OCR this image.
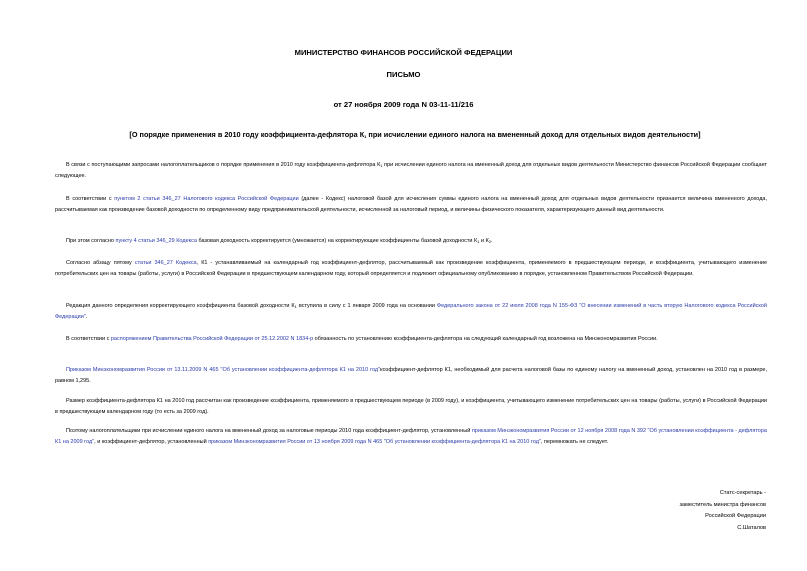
МИНИСТЕРСТВО ФИНАНСОВ РОССИЙСКОЙ ФЕДЕРАЦИИ
ПИСЬМО
от 27 ноября 2009 года N 03-11-11/216
[О порядке применения в 2010 году коэффициента-дефлятора $К_1$ при исчислении единого налога на вмененный доход для отдельных видов деятельности]

В связи с поступающими запросами налогоплательщиков о порядке применения в 2010 году коэффициента-дефлятора $К_1$ при исчислении единого налога на вмененный доход для отдельных видов деятельности Министерство финансов Российской Федерации сообщает следующее.

В соответствии с пунктом 2 статьи 346_27 Налогового кодекса Российской Федерации (далее - Кодекс) налоговой базой для исчисления суммы единого налога на вмененный доход для отдельных видов деятельности признается величина вмененного дохода, рассчитываемая как произведение базовой доходности по определенному виду предпринимательской деятельности, исчисленной за налоговый период, и величины физического показателя, характеризующего данный вид деятельности.

При этом согласно пункту 4 статьи 346_29 Кодекса базовая доходность корректируется (умножается) на корректирующие коэффициенты базовой доходности $К_1$ и $К_2$.

Согласно абзацу пятому статьи 346_27 Кодекса, К1 - устанавливаемый на календарный год коэффициент-дефлятор, рассчитываемый как произведение коэффициента, применяемого в предшествующем периоде, и коэффициента, учитывающего изменение потребительских цен на товары (работы, услуги) в Российской Федерации в предшествующем календарном году, который определяется и подлежит официальному опубликованию в порядке, установленном Правительством Российской Федерации.

Редакция данного определения корректирующего коэффициента базовой доходности $К_1$ вступила в силу с 1 января 2009 года на основании Федерального закона от 22 июля 2008 года N 155-ФЗ "О внесении изменений в часть вторую Налогового кодекса Российской Федерации".

В соответствии с распоряжением Правительства Российской Федерации от 25.12.2002 N 1834-р обязанность по установлению коэффициента-дефлятора на следующий календарный год возложена на Минэкономразвития России.

Приказом Минэкономразвития России от 13.11.2009 N 465 "Об установлении коэффициента-дефлятора К1 на 2010 год"коэффициент-дефлятор К1, необходимый для расчета налоговой базы по единому налогу на вмененный доход, установлен на 2010 год в размере, равном 1,295.

Размер коэффициента-дефлятора К1 на 2010 год рассчитан как произведение коэффициента, применяемого в предшествующем периоде (в 2009 году), и коэффициента, учитывающего изменение потребительских цен на товары (работы, услуги) в Российской Федерации в предшествующем календарном году (то есть за 2009 год).

Поэтому налогоплательщики при исчислении единого налога на вмененный доход за налоговые периоды 2010 года коэффициент-дефлятор, установленный приказом Минэкономразвития России от 12 ноября 2008 года N 392 "Об установлении коэффициента - дефлятора К1 на 2009 год", и коэффициент-дефлятор, установленный приказом Минэкономразвития России от 13 ноября 2009 года N 465 "Об установлении коэффициента-дефлятора К1 на 2010 год", перемножать не следует.

Статс-секретарь -
заместитель министра финансов
Российской Федерации
С.Шаталов
